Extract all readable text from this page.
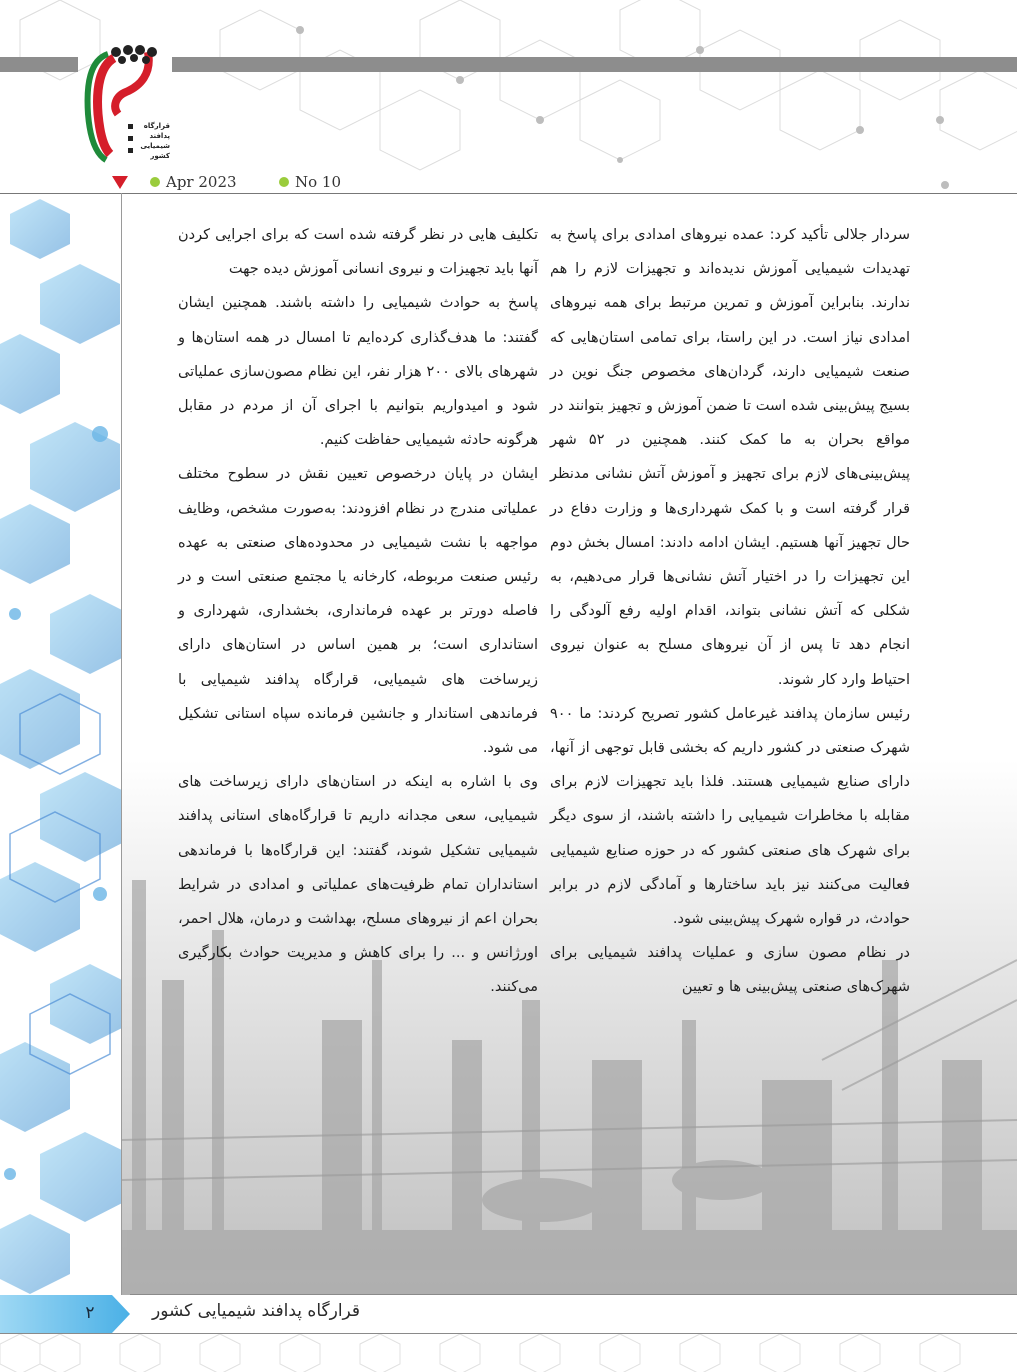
قرارگاه
پدافند
شیمیایی
کشور
Apr 2023	No 10

سردار جلالی تأکید کرد: عمده نیروهای امدادی برای پاسخ به تهدیدات شیمیایی آموزش ندیده‌اند و تجهیزات لازم را هم ندارند. بنابراین آموزش و تمرین مرتبط برای همه نیروهای امدادی نیاز است. در این راستا، برای تمامی استان‌هایی که صنعت شیمیایی دارند، گردان‌های مخصوص جنگ نوین در بسیج پیش‌بینی شده است تا ضمن آموزش و تجهیز بتوانند در مواقع بحران به ما کمک کنند. همچنین در ۵۲ شهر پیش‌بینی‌های لازم برای تجهیز و آموزش آتش نشانی مدنظر قرار گرفته است و با کمک شهرداری‌ها و وزارت دفاع در حال تجهیز آنها هستیم. ایشان ادامه دادند: امسال بخش دوم این تجهیزات را در اختیار آتش نشانی‌ها قرار می‌دهیم، به شکلی که آتش نشانی بتواند، اقدام اولیه رفع آلودگی را انجام دهد تا پس از آن نیروهای مسلح به عنوان نیروی احتیاط وارد کار شوند.

رئیس سازمان پدافند غیرعامل کشور تصریح کردند: ما ۹۰۰ شهرک صنعتی در کشور داریم که بخشی قابل توجهی از آنها، دارای صنایع شیمیایی هستند. فلذا باید تجهیزات لازم برای مقابله با مخاطرات شیمیایی را داشته باشند، از سوی دیگر برای شهرک های صنعتی کشور که در حوزه صنایع شیمیایی فعالیت می‌کنند نیز باید ساختارها و آمادگی لازم در برابر حوادث، در قواره شهرک پیش‌بینی شود.

در نظام مصون سازی و عملیات پدافند شیمیایی برای شهرک‌های صنعتی پیش‌بینی ها و تعیین

تکلیف هایی در نظر گرفته شده است که برای اجرایی کردن آنها باید تجهیزات و نیروی انسانی آموزش دیده جهت

پاسخ به حوادث شیمیایی را داشته باشند. همچنین ایشان گفتند: ما هدف‌گذاری کرده‌ایم تا امسال در همه استان‌ها و شهرهای بالای ۲۰۰ هزار نفر، این نظام مصون‌سازی عملیاتی شود و امیدواریم بتوانیم با اجرای آن از مردم در مقابل هرگونه حادثه شیمیایی حفاظت کنیم.

ایشان در پایان درخصوص تعیین نقش در سطوح مختلف عملیاتی مندرج در نظام افزودند: به‌صورت مشخص، وظایف مواجهه با نشت شیمیایی در محدوده‌های صنعتی به عهده رئیس صنعت مربوطه، کارخانه یا مجتمع صنعتی است و در فاصله دورتر بر عهده فرمانداری، بخشداری، شهرداری و استانداری است؛ بر همین اساس در استان‌های دارای زیرساخت های شیمیایی، قرارگاه پدافند شیمیایی با فرماندهی استاندار و جانشین فرمانده سپاه استانی تشکیل می شود.

وی با اشاره به اینکه در استان‌های دارای زیرساخت های شیمیایی، سعی مجدانه داریم تا قرارگاه‌های استانی پدافند شیمیایی تشکیل شوند، گفتند: این قرارگاه‌ها با فرماندهی استانداران تمام ظرفیت‌های عملیاتی و امدادی در شرایط بحران اعم از نیروهای مسلح، بهداشت و درمان، هلال احمر، اورژانس و ... را برای کاهش و مدیریت حوادث بکارگیری می‌کنند.

۲	قرارگاه پدافند شیمیایی کشور
